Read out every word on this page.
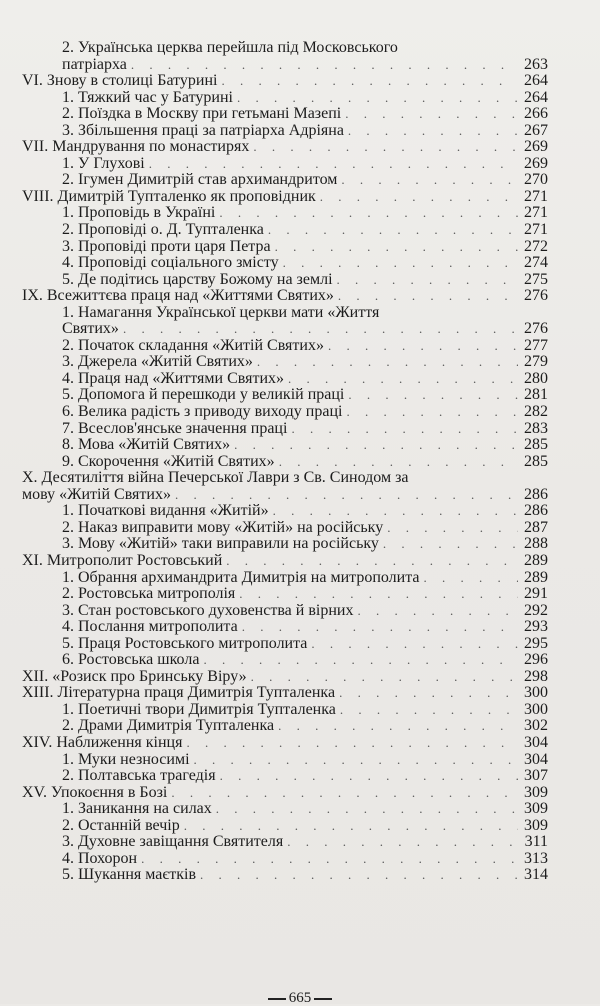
2. Українська церква перейшла під Московського
патріарха . . .	263
VI. Знову в столиці Батурині . . .	264
1. Тяжкий час у Батурині . . .	264
2. Поїздка в Москву при гетьмані Мазепі . . .	266
3. Збільшення праці за патріарха Адріяна . . .	267
VII. Мандрування по монастирях . . .	269
1. У Глухові . . .	269
2. Ігумен Димитрій став архимандритом . . .	270
VIII. Димитрій Тупталенко як проповідник . . .	271
1. Проповідь в Україні . . .	271
2. Проповіді о. Д. Тупталенка . . .	271
3. Проповіді проти царя Петра . . .	272
4. Проповіді соціального змісту . . .	274
5. Де подітись царству Божому на землі . . .	275
IX. Всежиттєва праця над «Життями Святих» . . .	276
1. Намагання Української церкви мати «Життя
Святих» . . .	276
2. Початок складання «Житій Святих» . . .	277
3. Джерела «Житій Святих» . . .	279
4. Праця над «Життями Святих» . . .	280
5. Допомога й перешкоди у великій праці . . .	281
6. Велика радість з приводу виходу праці . . .	282
7. Всеслов'янське значення праці . . .	283
8. Мова «Житій Святих» . . .	285
9. Скорочення «Житій Святих» . . .	285
X. Десятиліття війна Печерської Лаври з Св. Синодом за
мову «Житій Святих» . . .	286
1. Початкові видання «Житій» . . .	286
2. Наказ виправити мову «Житій» на російську . . .	287
3. Мову «Житій» таки виправили на російську . . .	288
XI. Митрополит Ростовський . . .	289
1. Обрання архимандрита Димитрія на митрополита . . .	289
2. Ростовська митрополія . . .	291
3. Стан ростовського духовенства й вірних . . .	292
4. Послання митрополита . . .	293
5. Праця Ростовського митрополита . . .	295
6. Ростовська школа . . .	296
XII. «Розиск про Бринську Віру» . . .	298
XIII. Літературна праця Димитрія Тупталенка . . .	300
1. Поетичні твори Димитрія Тупталенка . . .	300
2. Драми Димитрія Тупталенка . . .	302
XIV. Наближення кінця . . .	304
1. Муки незносимі . . .	304
2. Полтавська трагедія . . .	307
XV. Упокоєння в Бозі . . .	309
1. Заникання на силах . . .	309
2. Останній вечір . . .	309
3. Духовне завіщання Святителя . . .	311
4. Похорон . . .	313
5. Шукання маєтків . . .	314
665
